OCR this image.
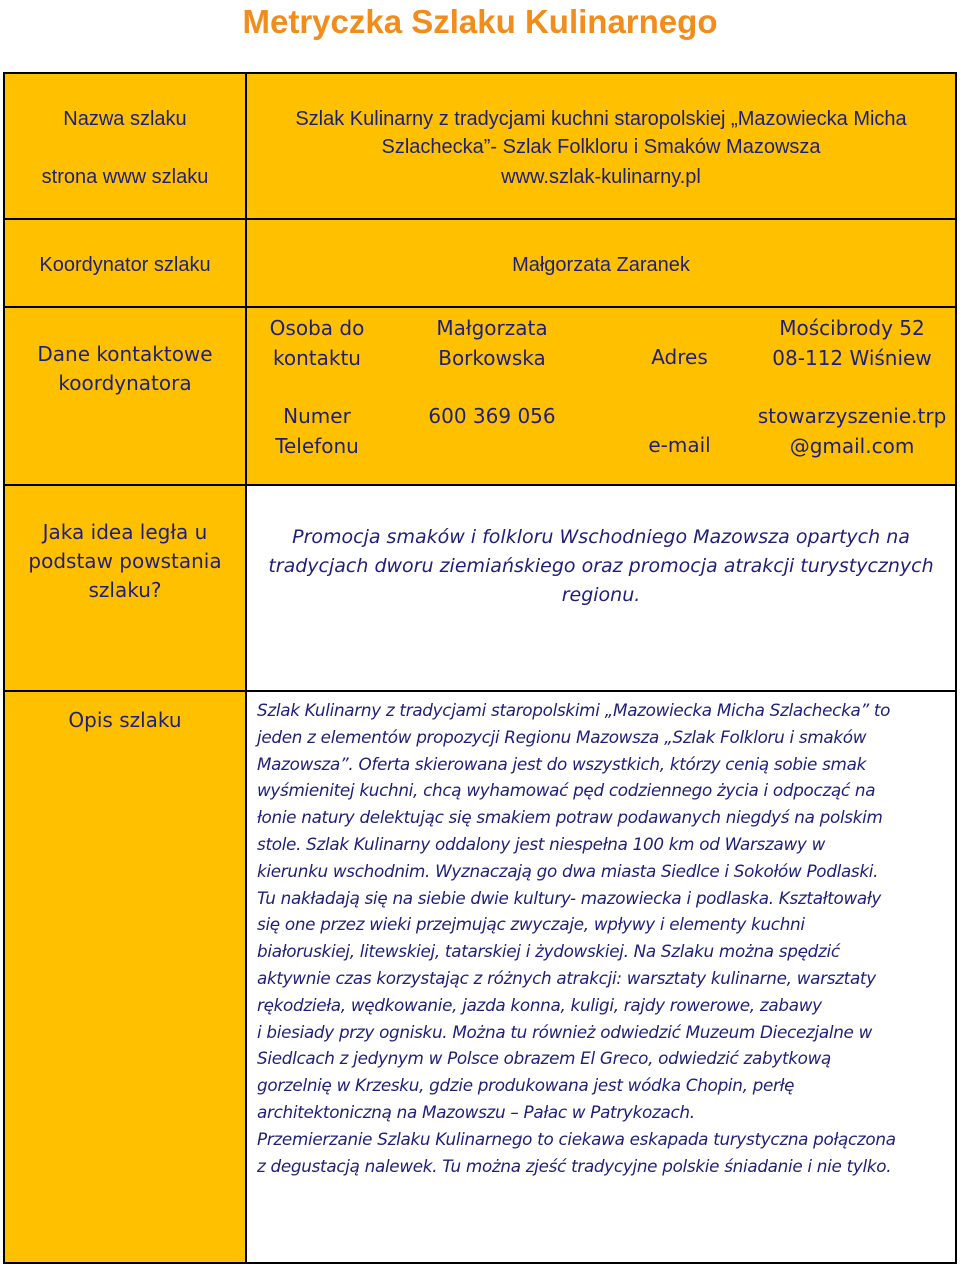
Metryczka Szlaku Kulinarnego
Nazwa szlaku
strona www szlaku
Szlak Kulinarny z tradycjami kuchni staropolskiej „Mazowiecka Micha
Szlachecka”- Szlak Folkloru i Smaków Mazowsza
www.szlak-kulinarny.pl
Koordynator szlaku	Małgorzata Zaranek
Dane kontaktowe
koordynatora
Osoba do
kontaktu
Numer
Telefonu
Małgorzata
Borkowska
600 369 056
Adres
e-mail
Mościbrody 52
08-112 Wiśniew
stowarzyszenie.trp
@gmail.com
Jaka idea legła u
podstaw powstania
szlaku?
Promocja smaków i folkloru Wschodniego Mazowsza opartych na
tradycjach dworu ziemiańskiego oraz promocja atrakcji turystycznych
regionu.
Opis szlaku	Szlak Kulinarny z tradycjami staropolskimi „Mazowiecka Micha Szlachecka” to

jeden z elementów propozycji Regionu Mazowsza „Szlak Folkloru i smaków

Mazowsza”. Oferta skierowana jest do wszystkich, którzy cenią sobie smak

wyśmienitej kuchni, chcą wyhamować pęd codziennego życia i odpocząć na

łonie natury delektując się smakiem potraw podawanych niegdyś na polskim

stole. Szlak Kulinarny oddalony jest niespełna 100 km od Warszawy w

kierunku wschodnim. Wyznaczają go dwa miasta Siedlce i Sokołów Podlaski.

Tu nakładają się na siebie dwie kultury- mazowiecka i podlaska. Kształtowały

się one przez wieki przejmując zwyczaje, wpływy i elementy kuchni

białoruskiej, litewskiej, tatarskiej i żydowskiej. Na Szlaku można spędzić

aktywnie czas korzystając z różnych atrakcji: warsztaty kulinarne, warsztaty

rękodzieła, wędkowanie, jazda konna, kuligi, rajdy rowerowe, zabawy

i biesiady przy ognisku. Można tu również odwiedzić Muzeum Diecezjalne w

Siedlcach z jedynym w Polsce obrazem El Greco, odwiedzić zabytkową

gorzelnię w Krzesku, gdzie produkowana jest wódka Chopin, perłę

architektoniczną na Mazowszu – Pałac w Patrykozach.

Przemierzanie Szlaku Kulinarnego to ciekawa eskapada turystyczna połączona

z degustacją nalewek. Tu można zjeść tradycyjne polskie śniadanie i nie tylko.
